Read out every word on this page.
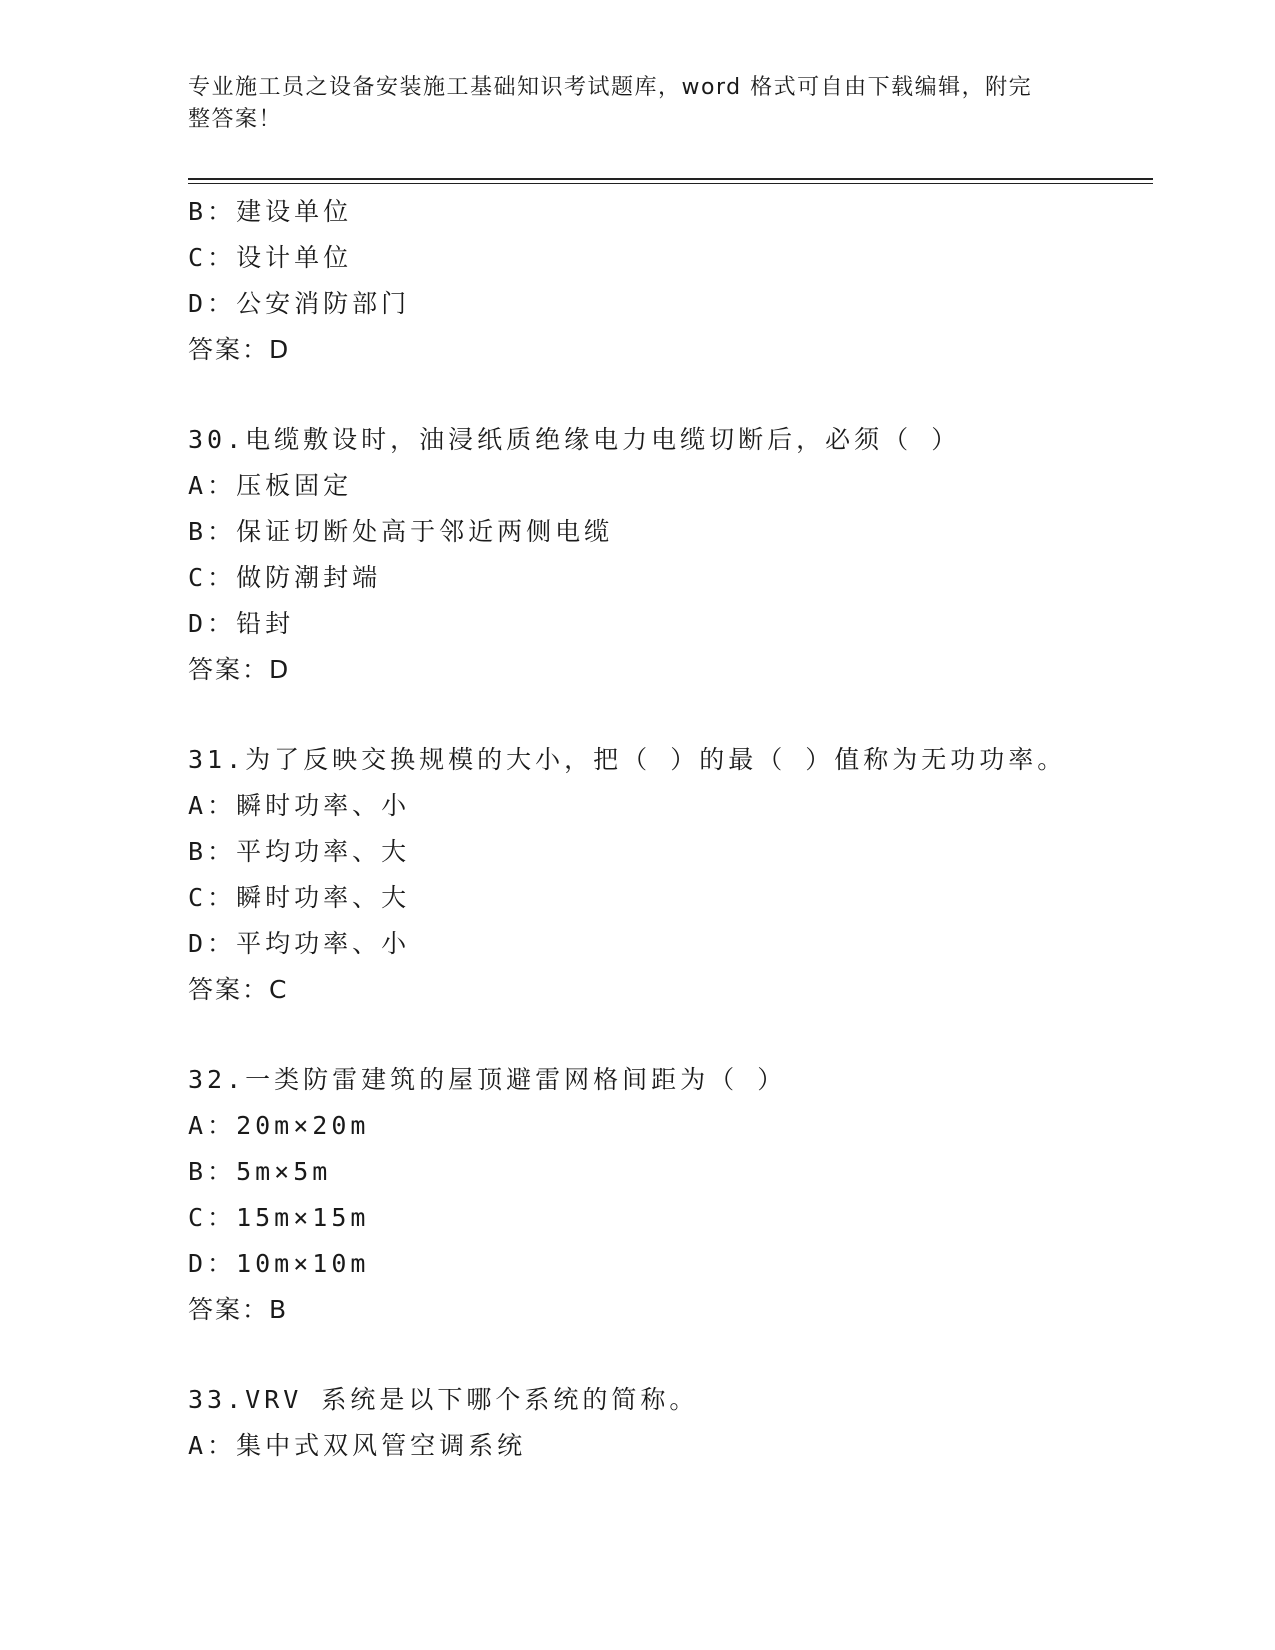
专业施工员之设备安装施工基础知识考试题库，word 格式可自由下载编辑，附完
整答案！
B：建设单位
C：设计单位
D：公安消防部门
答案：D
30.电缆敷设时，油浸纸质绝缘电力电缆切断后，必须（ ）
A：压板固定
B：保证切断处高于邻近两侧电缆
C：做防潮封端
D：铅封
答案：D
31.为了反映交换规模的大小，把（ ）的最（ ）值称为无功功率。
A：瞬时功率、小
B：平均功率、大
C：瞬时功率、大
D：平均功率、小
答案：C
32.一类防雷建筑的屋顶避雷网格间距为（ ）
A：20m×20m
B：5m×5m
C：15m×15m
D：10m×10m
答案：B
33.VRV 系统是以下哪个系统的简称。
A：集中式双风管空调系统
